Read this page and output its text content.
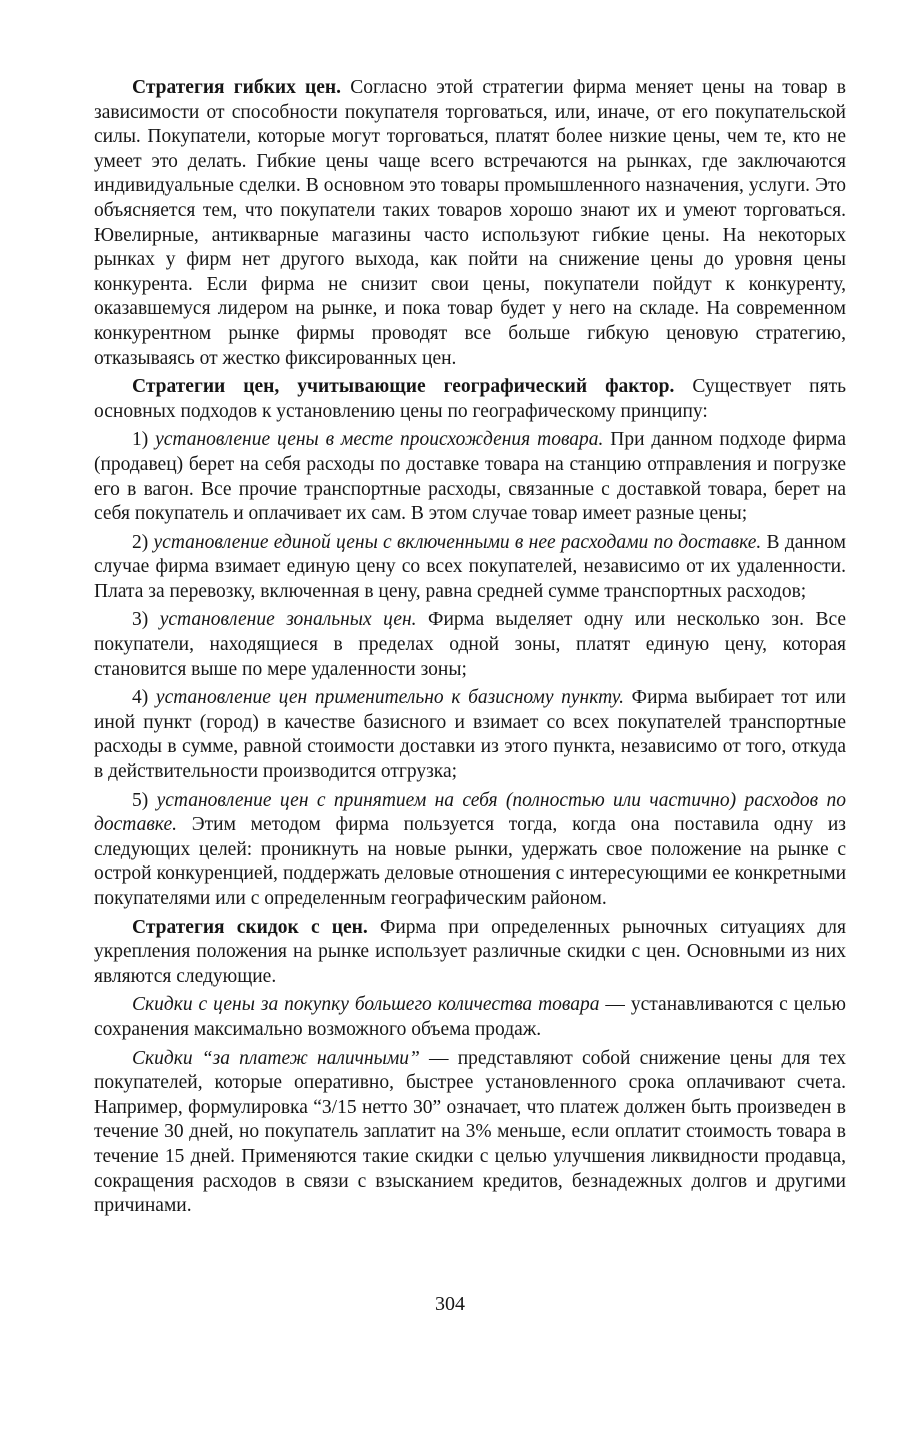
Стратегия гибких цен. Согласно этой стратегии фирма меняет цены на товар в зависимости от способности покупателя торговаться, или, иначе, от его покупательской силы. Покупатели, которые могут торговаться, платят более низкие цены, чем те, кто не умеет это делать. Гибкие цены чаще всего встречаются на рынках, где заключаются индивидуальные сделки. В основном это товары промышленного назначения, услуги. Это объясняется тем, что покупатели таких товаров хорошо знают их и умеют торговаться. Ювелирные, антикварные магазины часто используют гибкие цены. На некоторых рынках у фирм нет другого выхода, как пойти на снижение цены до уровня цены конкурента. Если фирма не снизит свои цены, покупатели пойдут к конкуренту, оказавшемуся лидером на рынке, и пока товар будет у него на складе. На современном конкурентном рынке фирмы проводят все больше гибкую ценовую стратегию, отказываясь от жестко фиксированных цен.

Стратегии цен, учитывающие географический фактор. Существует пять основных подходов к установлению цены по географическому принципу:

1) установление цены в месте происхождения товара. При данном подходе фирма (продавец) берет на себя расходы по доставке товара на станцию отправления и погрузке его в вагон. Все прочие транспортные расходы, связанные с доставкой товара, берет на себя покупатель и оплачивает их сам. В этом случае товар имеет разные цены;

2) установление единой цены с включенными в нее расходами по доставке. В данном случае фирма взимает единую цену со всех покупателей, независимо от их удаленности. Плата за перевозку, включенная в цену, равна средней сумме транспортных расходов;

3) установление зональных цен. Фирма выделяет одну или несколько зон. Все покупатели, находящиеся в пределах одной зоны, платят единую цену, которая становится выше по мере удаленности зоны;

4) установление цен применительно к базисному пункту. Фирма выбирает тот или иной пункт (город) в качестве базисного и взимает со всех покупателей транспортные расходы в сумме, равной стоимости доставки из этого пункта, независимо от того, откуда в действительности производится отгрузка;

5) установление цен с принятием на себя (полностью или частично) расходов по доставке. Этим методом фирма пользуется тогда, когда она поставила одну из следующих целей: проникнуть на новые рынки, удержать свое положение на рынке с острой конкуренцией, поддержать деловые отношения с интересующими ее конкретными покупателями или с определенным географическим районом.

Стратегия скидок с цен. Фирма при определенных рыночных ситуациях для укрепления положения на рынке использует различные скидки с цен. Основными из них являются следующие.

Скидки с цены за покупку большего количества товара — устанавливаются с целью сохранения максимально возможного объема продаж.

Скидки “за платеж наличными” — представляют собой снижение цены для тех покупателей, которые оперативно, быстрее установленного срока оплачивают счета. Например, формулировка “3/15 нетто 30” означает, что платеж должен быть произведен в течение 30 дней, но покупатель заплатит на 3% меньше, если оплатит стоимость товара в течение 15 дней. Применяются такие скидки с целью улучшения ликвидности продавца, сокращения расходов в связи с взысканием кредитов, безнадежных долгов и другими причинами.

304
